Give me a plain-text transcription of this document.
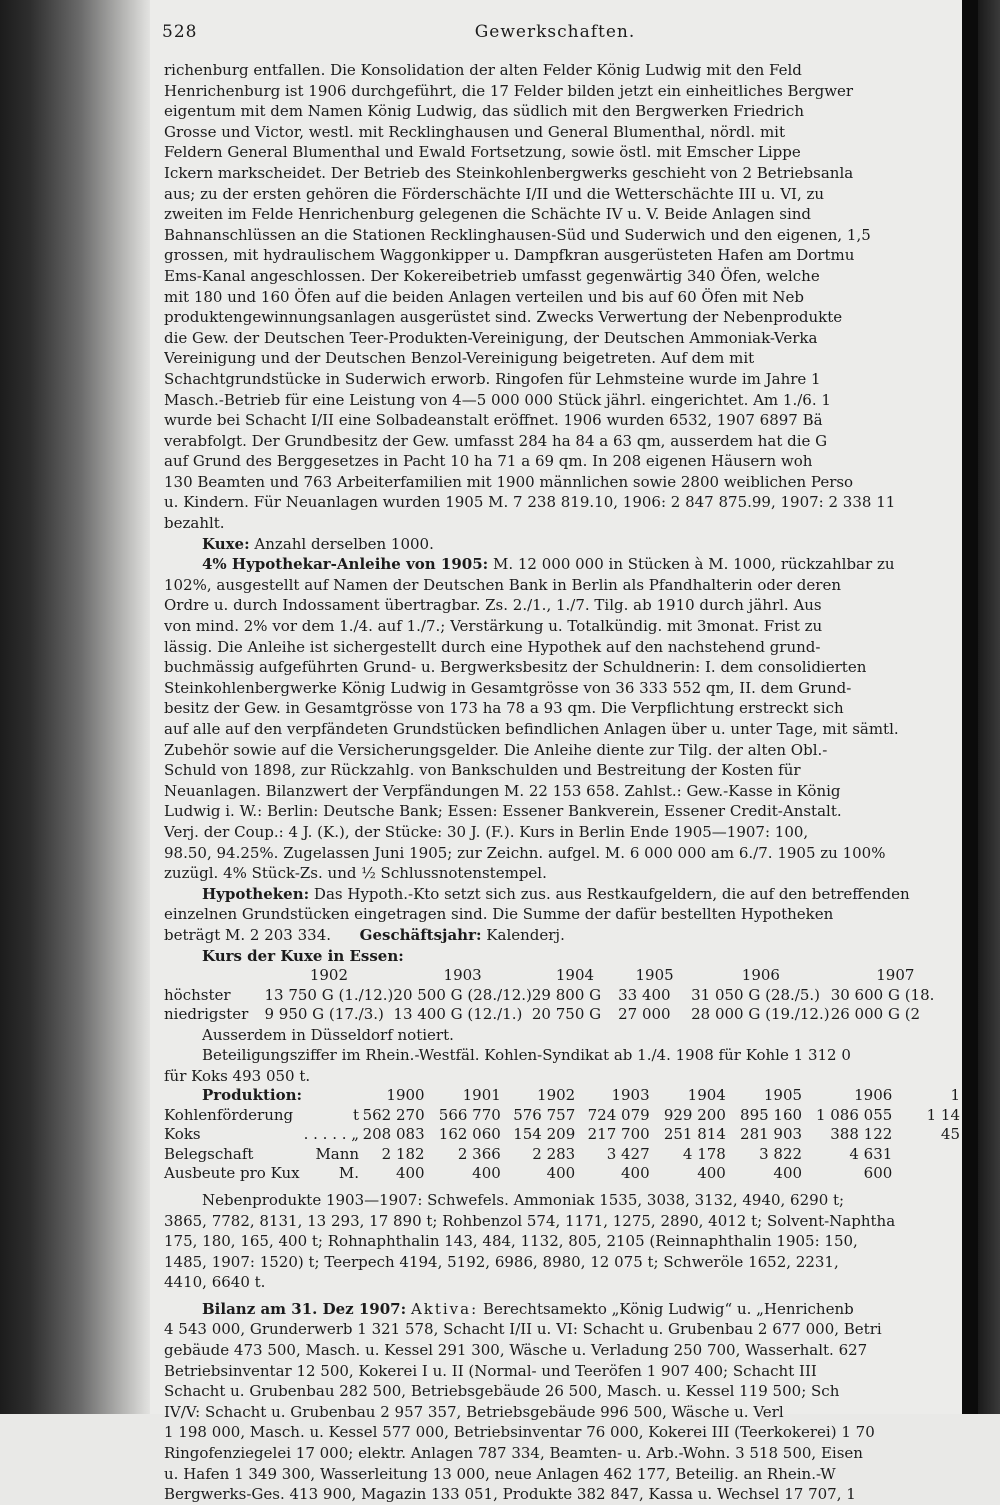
528	Gewerkschaften.
richenburg entfallen. Die Konsolidation der alten Felder König Ludwig mit den Feld
Henrichenburg ist 1906 durchgeführt, die 17 Felder bilden jetzt ein einheitliches Bergwer
eigentum mit dem Namen König Ludwig, das südlich mit den Bergwerken Friedrich
Grosse und Victor, westl. mit Recklinghausen und General Blumenthal, nördl. mit
Feldern General Blumenthal und Ewald Fortsetzung, sowie östl. mit Emscher Lippe
Ickern markscheidet. Der Betrieb des Steinkohlenbergwerks geschieht von 2 Betriebsanla
aus; zu der ersten gehören die Förderschächte I/II und die Wetterschächte III u. VI, zu
zweiten im Felde Henrichenburg gelegenen die Schächte IV u. V. Beide Anlagen sind
Bahnanschlüssen an die Stationen Recklinghausen-Süd und Suderwich und den eigenen, 1,5
grossen, mit hydraulischem Waggonkipper u. Dampfkran ausgerüsteten Hafen am Dortmu
Ems-Kanal angeschlossen. Der Kokereibetrieb umfasst gegenwärtig 340 Öfen, welche
mit 180 und 160 Öfen auf die beiden Anlagen verteilen und bis auf 60 Öfen mit Neb
produktengewinnungsanlagen ausgerüstet sind. Zwecks Verwertung der Nebenprodukte
die Gew. der Deutschen Teer-Produkten-Vereinigung, der Deutschen Ammoniak-Verka
Vereinigung und der Deutschen Benzol-Vereinigung beigetreten. Auf dem mit
Schachtgrundstücke in Suderwich erworb. Ringofen für Lehmsteine wurde im Jahre 1
Masch.-Betrieb für eine Leistung von 4—5 000 000 Stück jährl. eingerichtet. Am 1./6. 1
wurde bei Schacht I/II eine Solbadeanstalt eröffnet. 1906 wurden 6532, 1907 6897 Bä
verabfolgt. Der Grundbesitz der Gew. umfasst 284 ha 84 a 63 qm, ausserdem hat die G
auf Grund des Berggesetzes in Pacht 10 ha 71 a 69 qm. In 208 eigenen Häusern woh
130 Beamten und 763 Arbeiterfamilien mit 1900 männlichen sowie 2800 weiblichen Perso
u. Kindern. Für Neuanlagen wurden 1905 M. 7 238 819.10, 1906: 2 847 875.99, 1907: 2 338 11
bezahlt.
Kuxe: Anzahl derselben 1000.
4% Hypothekar-Anleihe von 1905: M. 12 000 000 in Stücken à M. 1000, rückzahlbar zu
102%, ausgestellt auf Namen der Deutschen Bank in Berlin als Pfandhalterin oder deren
Ordre u. durch Indossament übertragbar. Zs. 2./1., 1./7. Tilg. ab 1910 durch jährl. Aus
von mind. 2% vor dem 1./4. auf 1./7.; Verstärkung u. Totalkündig. mit 3monat. Frist zu
lässig. Die Anleihe ist sichergestellt durch eine Hypothek auf den nachstehend grund-
buchmässig aufgeführten Grund- u. Bergwerksbesitz der Schuldnerin: I. dem consolidierten
Steinkohlenbergwerke König Ludwig in Gesamtgrösse von 36 333 552 qm, II. dem Grund-
besitz der Gew. in Gesamtgrösse von 173 ha 78 a 93 qm. Die Verpflichtung erstreckt sich
auf alle auf den verpfändeten Grundstücken befindlichen Anlagen über u. unter Tage, mit sämtl.
Zubehör sowie auf die Versicherungsgelder. Die Anleihe diente zur Tilg. der alten Obl.-
Schuld von 1898, zur Rückzahlg. von Bankschulden und Bestreitung der Kosten für
Neuanlagen. Bilanzwert der Verpfändungen M. 22 153 658. Zahlst.: Gew.-Kasse in König
Ludwig i. W.: Berlin: Deutsche Bank; Essen: Essener Bankverein, Essener Credit-Anstalt.
Verj. der Coup.: 4 J. (K.), der Stücke: 30 J. (F.). Kurs in Berlin Ende 1905—1907: 100,
98.50, 94.25%. Zugelassen Juni 1905; zur Zeichn. aufgel. M. 6 000 000 am 6./7. 1905 zu 100%
zuzügl. 4% Stück-Zs. und ½ Schlussnotenstempel.
Hypotheken: Das Hypoth.-Kto setzt sich zus. aus Restkaufgeldern, die auf den betreffenden
einzelnen Grundstücken eingetragen sind. Die Summe der dafür bestellten Hypotheken
beträgt M. 2 203 334. Geschäftsjahr: Kalenderj.
Kurs der Kuxe in Essen:
	1902	1903	1904	1905	1906	1907
höchster	13 750 G (1./12.)	20 500 G (28./12.)	29 800 G	33 400	31 050 G (28./5.)	30 600 G (18.
niedrigster	9 950 G (17./3.)	13 400 G (12./1.)	20 750 G	27 000	28 000 G (19./12.)	26 000 G (2
Ausserdem in Düsseldorf notiert.
Beteiligungsziffer im Rhein.-Westfäl. Kohlen-Syndikat ab 1./4. 1908 für Kohle 1 312 0
für Koks 493 050 t.
Produktion:		1900	1901	1902	1903	1904	1905	1906	1
Kohlenförderung	t	562 270	566 770	576 757	724 079	929 200	895 160	1 086 055	1 14
Koks	. . . . . „	208 083	162 060	154 209	217 700	251 814	281 903	388 122	45
Belegschaft	Mann	2 182	2 366	2 283	3 427	4 178	3 822	4 631	
Ausbeute pro Kux	M.	400	400	400	400	400	400	600	
Nebenprodukte 1903—1907: Schwefels. Ammoniak 1535, 3038, 3132, 4940, 6290 t;
3865, 7782, 8131, 13 293, 17 890 t; Rohbenzol 574, 1171, 1275, 2890, 4012 t; Solvent-Naphtha
175, 180, 165, 400 t; Rohnaphthalin 143, 484, 1132, 805, 2105 (Reinnaphthalin 1905: 150,
1485, 1907: 1520) t; Teerpech 4194, 5192, 6986, 8980, 12 075 t; Schweröle 1652, 2231,
4410, 6640 t.
Bilanz am 31. Dez 1907: Aktiva: Berechtsamekto „König Ludwig“ u. „Henrichenb
4 543 000, Grunderwerb 1 321 578, Schacht I/II u. VI: Schacht u. Grubenbau 2 677 000, Betri
gebäude 473 500, Masch. u. Kessel 291 300, Wäsche u. Verladung 250 700, Wasserhalt. 627
Betriebsinventar 12 500, Kokerei I u. II (Normal- und Teeröfen 1 907 400; Schacht III
Schacht u. Grubenbau 282 500, Betriebsgebäude 26 500, Masch. u. Kessel 119 500; Sch
IV/V: Schacht u. Grubenbau 2 957 357, Betriebsgebäude 996 500, Wäsche u. Verl
1 198 000, Masch. u. Kessel 577 000, Betriebsinventar 76 000, Kokerei III (Teerkokerei) 1 70
Ringofenziegelei 17 000; elektr. Anlagen 787 334, Beamten- u. Arb.-Wohn. 3 518 500, Eisen
u. Hafen 1 349 300, Wasserleitung 13 000, neue Anlagen 462 177, Beteilig. an Rhein.-W
Bergwerks-Ges. 413 900, Magazin 133 051, Produkte 382 847, Kassa u. Wechsel 17 707, 1
